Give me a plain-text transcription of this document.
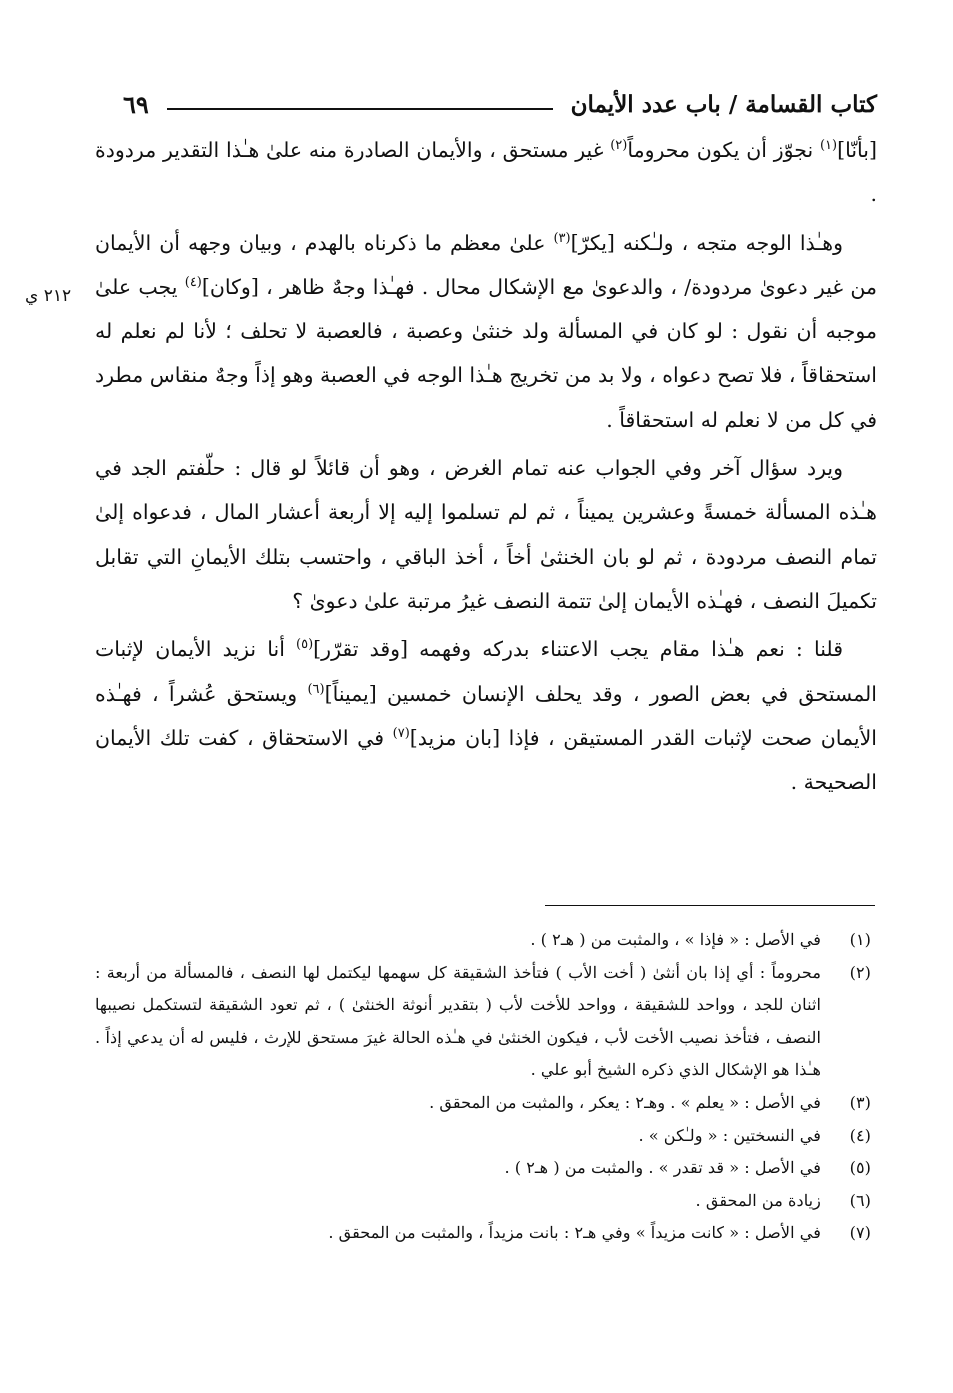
كتاب القسامة / باب عدد الأيمان
٦٩
٢١٢ ي

[بأنّا]$^{(١)}$ نجوّز أن يكون محروماً$^{(٢)}$ غير مستحق ، والأيمان الصادرة منه علىٰ هـٰذا التقدير مردودة .

وهـٰذا الوجه متجه ، ولـٰكنه [يكرّ]$^{(٣)}$ علىٰ معظم ما ذكرناه بالهدم ، وبيان وجهه أن الأيمان من غير دعوىٰ مردودة/ ، والدعوىٰ مع الإشكال محال . فهـٰذا وجهٌ ظاهر ، [وكان]$^{(٤)}$ يجب علىٰ موجبه أن نقول : لو كان في المسألة ولد خنثىٰ وعصبة ، فالعصبة لا تحلف ؛ لأنا لم نعلم له استحقاقاً ، فلا تصح دعواه ، ولا بد من تخريج هـٰذا الوجه في العصبة وهو إذاً وجهٌ منقاس مطرد في كل من لا نعلم له استحقاقاً .

ويرد سؤال آخر وفي الجواب عنه تمام الغرض ، وهو أن قائلاً لو قال : حلّفتم الجد في هـٰذه المسألة خمسةً وعشرين يميناً ، ثم لم تسلموا إليه إلا أربعة أعشار المال ، فدعواه إلىٰ تمام النصف مردودة ، ثم لو بان الخنثىٰ أخاً ، أخذ الباقي ، واحتسب بتلك الأيمانِ التي تقابل تكميلَ النصف ، فهـٰذه الأيمان إلىٰ تتمة النصف غيرُ مرتبة علىٰ دعوىٰ ؟

قلنا : نعم هـٰذا مقام يجب الاعتناء بدركه وفهمه [وقد تقرّر]$^{(٥)}$ أنا نزيد الأيمان لإثبات المستحق في بعض الصور ، وقد يحلف الإنسان خمسين [يميناً]$^{(٦)}$ ويستحق عُشراً ، فهـٰذه الأيمان صحت لإثبات القدر المستيقن ، فإذا [بان مزيد]$^{(٧)}$ في الاستحقاق ، كفت تلك الأيمان الصحيحة .

(١)
في الأصل : « فإذا » ، والمثبت من ( هـ٢ ) .
(٢)
محروماً : أي إذا بان أنثىٰ ( أخت الأب ) فتأخذ الشقيقة كل سهمها ليكتمل لها النصف ، فالمسألة من أربعة : اثنان للجد ، وواحد للشقيقة ، وواحد للأخت لأب ( بتقدير أنوثة الخنثىٰ ) ، ثم تعود الشقيقة لتستكمل نصيبها النصف ، فتأخذ نصيب الأخت لأب ، فيكون الخنثىٰ في هـٰذه الحالة غيرَ مستحق للإرث ، فليس له أن يدعي إذاً . هـٰذا هو الإشكال الذي ذكره الشيخ أبو علي .
(٣)
في الأصل : « يعلم » . وهـ٢ : يعكر ، والمثبت من المحقق .
(٤)
في النسختين : « ولـٰكن » .
(٥)
في الأصل : « قد تقدر » . والمثبت من ( هـ٢ ) .
(٦)
زيادة من المحقق .
(٧)
في الأصل : « كانت مزيداً » وفي هـ٢ : بانت مزيداً ، والمثبت من المحقق .
